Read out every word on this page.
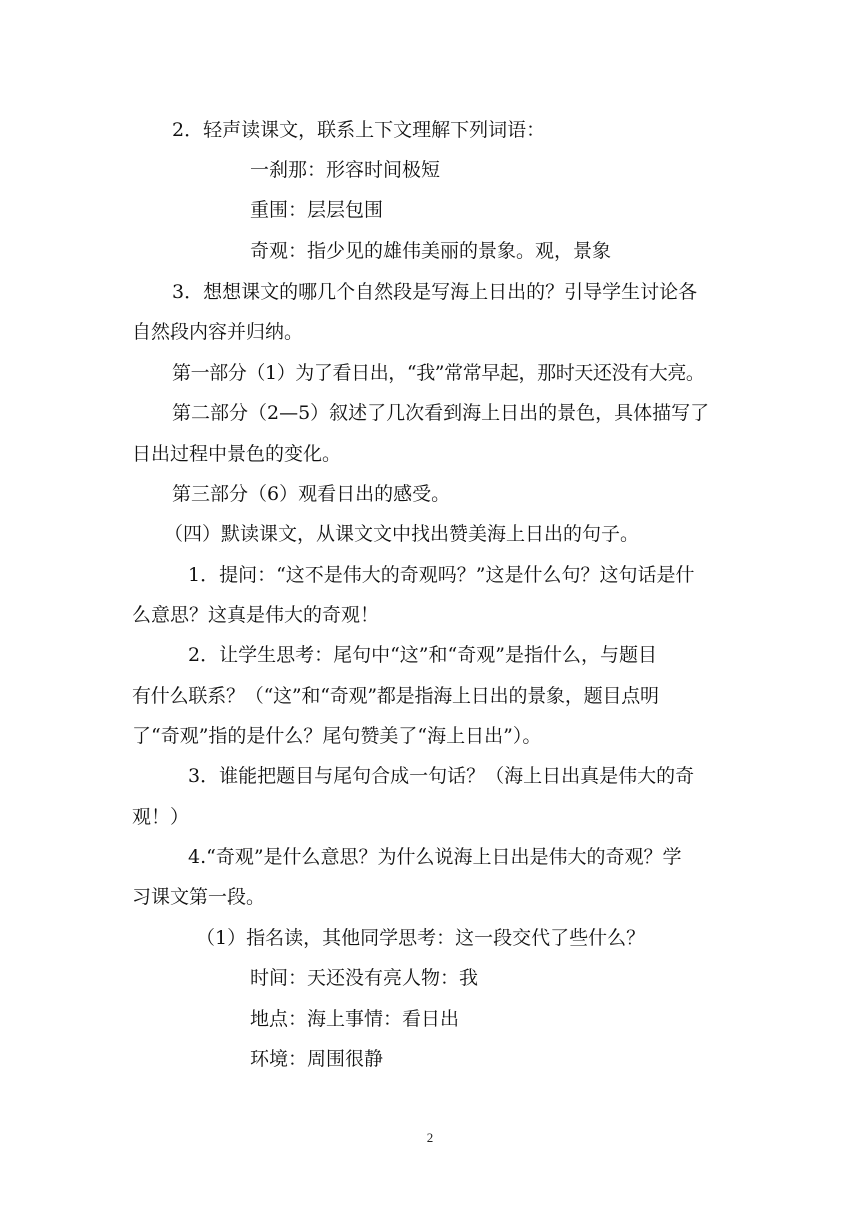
2．轻声读课文，联系上下文理解下列词语：
一刹那：形容时间极短
重围：层层包围
奇观：指少见的雄伟美丽的景象。观，景象
3．想想课文的哪几个自然段是写海上日出的？引导学生讨论各
自然段内容并归纳。
第一部分（1）为了看日出，“我”常常早起，那时天还没有大亮。
第二部分（2—5）叙述了几次看到海上日出的景色，具体描写了
日出过程中景色的变化。
第三部分（6）观看日出的感受。
（四）默读课文，从课文文中找出赞美海上日出的句子。
1．提问：“这不是伟大的奇观吗？”这是什么句？这句话是什
么意思？这真是伟大的奇观！
2．让学生思考：尾句中“这”和“奇观”是指什么，与题目
有什么联系？（“这”和“奇观”都是指海上日出的景象，题目点明
了“奇观”指的是什么？尾句赞美了“海上日出”）。
3．谁能把题目与尾句合成一句话？（海上日出真是伟大的奇
观！）
4.“奇观”是什么意思？为什么说海上日出是伟大的奇观？学
习课文第一段。
（1）指名读，其他同学思考：这一段交代了些什么？
时间：天还没有亮人物：我
地点：海上事情：看日出
环境：周围很静
2
